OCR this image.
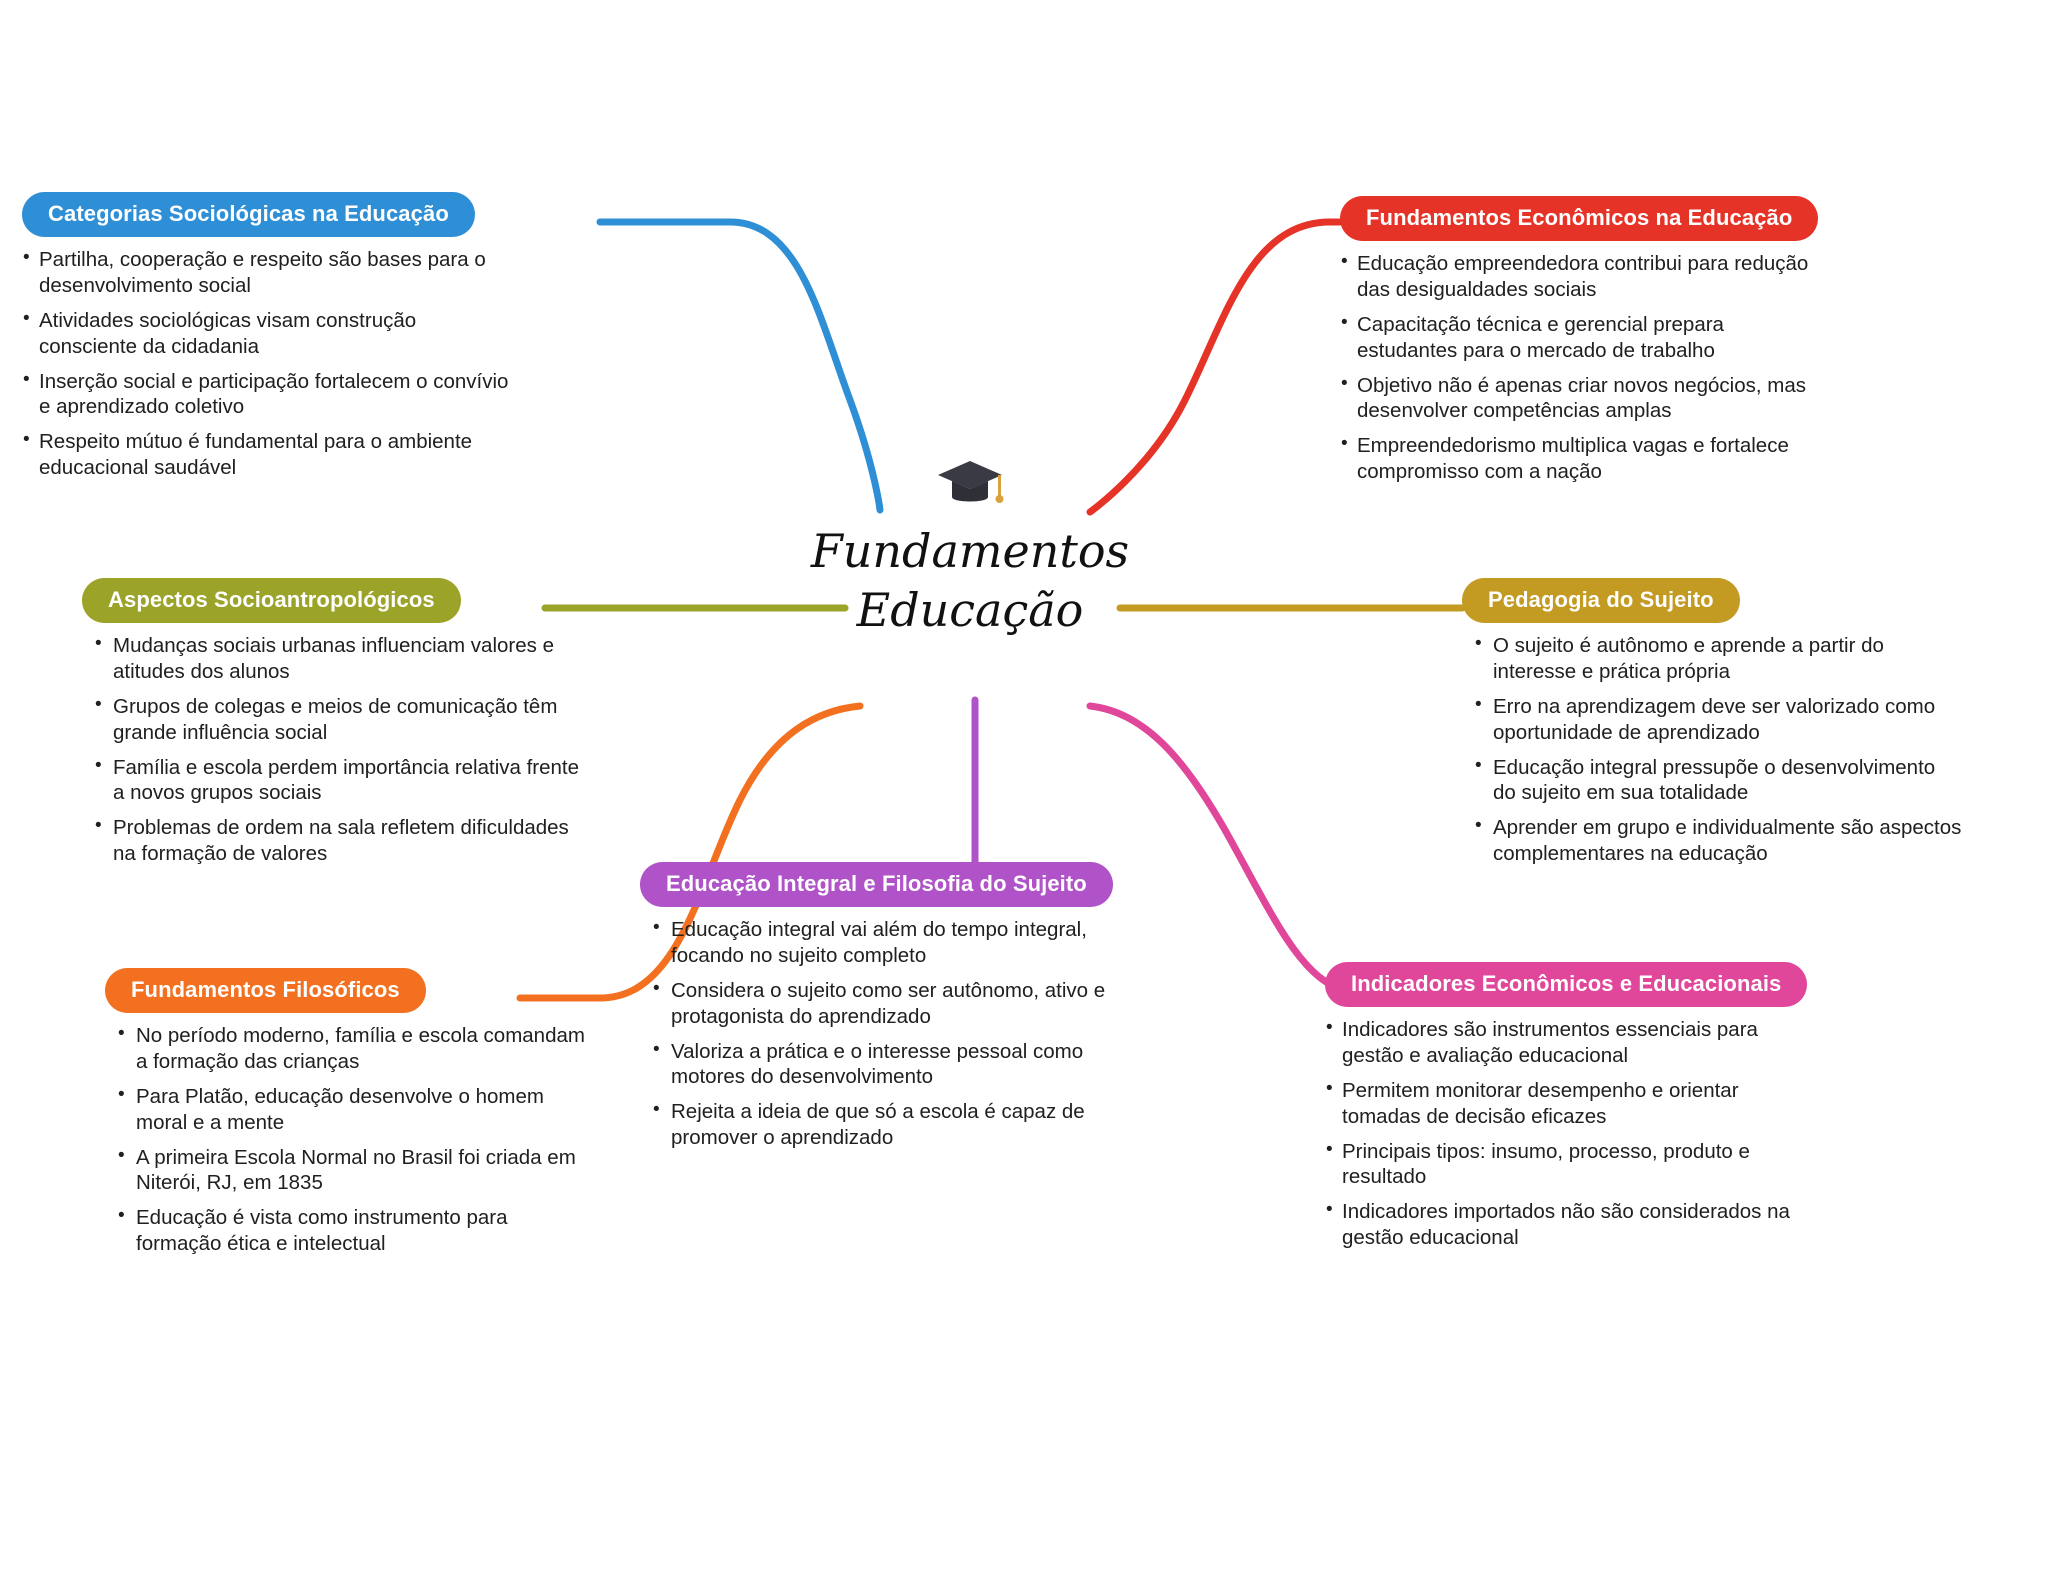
Fundamentos
Educação
Categorias Sociológicas na Educação
• Partilha, cooperação e respeito são bases para o desenvolvimento social
• Atividades sociológicas visam construção consciente da cidadania
• Inserção social e participação fortalecem o convívio e aprendizado coletivo
• Respeito mútuo é fundamental para o ambiente educacional saudável
Fundamentos Econômicos na Educação
• Educação empreendedora contribui para redução das desigualdades sociais
• Capacitação técnica e gerencial prepara estudantes para o mercado de trabalho
• Objetivo não é apenas criar novos negócios, mas desenvolver competências amplas
• Empreendedorismo multiplica vagas e fortalece compromisso com a nação
Aspectos Socioantropológicos
• Mudanças sociais urbanas influenciam valores e atitudes dos alunos
• Grupos de colegas e meios de comunicação têm grande influência social
• Família e escola perdem importância relativa frente a novos grupos sociais
• Problemas de ordem na sala refletem dificuldades na formação de valores
Pedagogia do Sujeito
• O sujeito é autônomo e aprende a partir do interesse e prática própria
• Erro na aprendizagem deve ser valorizado como oportunidade de aprendizado
• Educação integral pressupõe o desenvolvimento do sujeito em sua totalidade
• Aprender em grupo e individualmente são aspectos complementares na educação
Fundamentos Filosóficos
• No período moderno, família e escola comandam a formação das crianças
• Para Platão, educação desenvolve o homem moral e a mente
• A primeira Escola Normal no Brasil foi criada em Niterói, RJ, em 1835
• Educação é vista como instrumento para formação ética e intelectual
Educação Integral e Filosofia do Sujeito
• Educação integral vai além do tempo integral, focando no sujeito completo
• Considera o sujeito como ser autônomo, ativo e protagonista do aprendizado
• Valoriza a prática e o interesse pessoal como motores do desenvolvimento
• Rejeita a ideia de que só a escola é capaz de promover o aprendizado
Indicadores Econômicos e Educacionais
• Indicadores são instrumentos essenciais para gestão e avaliação educacional
• Permitem monitorar desempenho e orientar tomadas de decisão eficazes
• Principais tipos: insumo, processo, produto e resultado
• Indicadores importados não são considerados na gestão educacional
